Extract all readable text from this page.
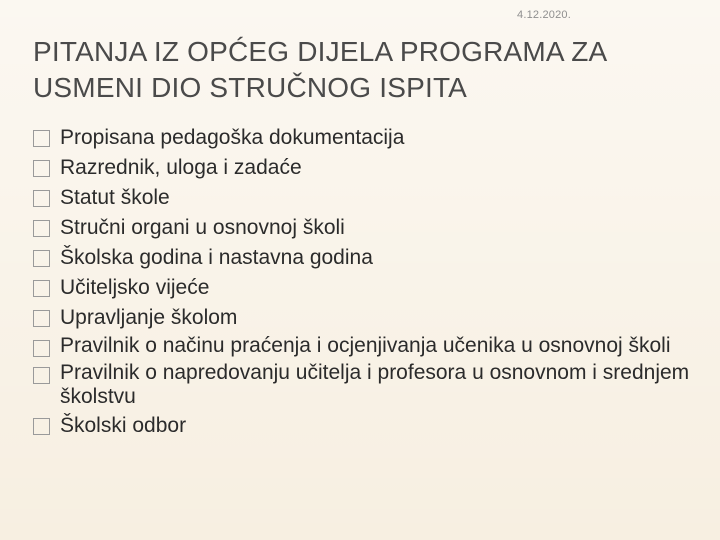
4.12.2020.
PITANJA IZ OPĆEG DIJELA PROGRAMA ZA
USMENI DIO STRUČNOG ISPITA
Propisana pedagoška dokumentacija
Razrednik, uloga i zadaće
Statut škole
Stručni organi u osnovnoj školi
Školska godina i nastavna godina
Učiteljsko vijeće
Upravljanje školom
Pravilnik o načinu praćenja i ocjenjivanja učenika u osnovnoj školi
Pravilnik o napredovanju učitelja i profesora u osnovnom i srednjem školstvu
Školski odbor
